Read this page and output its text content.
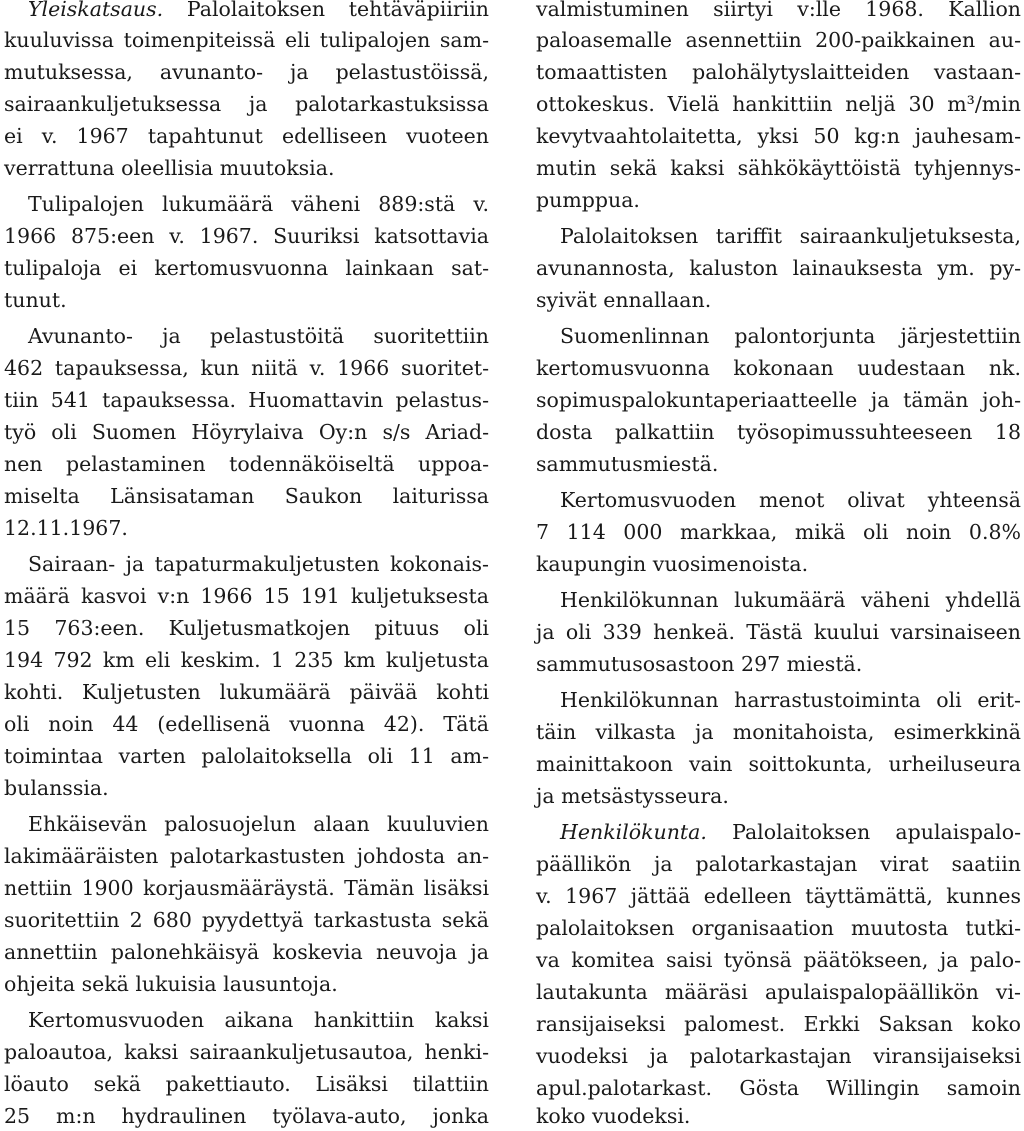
Yleiskatsaus. Palolaitoksen tehtäväpiiriin
kuuluvissa toimenpiteissä eli tulipalojen sam-
mutuksessa, avunanto- ja pelastustöissä,
sairaankuljetuksessa ja palotarkastuksissa
ei v. 1967 tapahtunut edelliseen vuoteen
verrattuna oleellisia muutoksia.
Tulipalojen lukumäärä väheni 889:stä v.
1966 875:een v. 1967. Suuriksi katsottavia
tulipaloja ei kertomusvuonna lainkaan sat-
tunut.
Avunanto- ja pelastustöitä suoritettiin
462 tapauksessa, kun niitä v. 1966 suoritet-
tiin 541 tapauksessa. Huomattavin pelastus-
työ oli Suomen Höyrylaiva Oy:n s/s Ariad-
nen pelastaminen todennäköiseltä uppoa-
miselta Länsisataman Saukon laiturissa
12.11.1967.
Sairaan- ja tapaturmakuljetusten kokonais-
määrä kasvoi v:n 1966 15 191 kuljetuksesta
15 763:een. Kuljetusmatkojen pituus oli
194 792 km eli keskim. 1 235 km kuljetusta
kohti. Kuljetusten lukumäärä päivää kohti
oli noin 44 (edellisenä vuonna 42). Tätä
toimintaa varten palolaitoksella oli 11 am-
bulanssia.
Ehkäisevän palosuojelun alaan kuuluvien
lakimääräisten palotarkastusten johdosta an-
nettiin 1900 korjausmääräystä. Tämän lisäksi
suoritettiin 2 680 pyydettyä tarkastusta sekä
annettiin palonehkäisyä koskevia neuvoja ja
ohjeita sekä lukuisia lausuntoja.
Kertomusvuoden aikana hankittiin kaksi
paloautoa, kaksi sairaankuljetusautoa, henki-
löauto sekä pakettiauto. Lisäksi tilattiin
25 m:n hydraulinen työlava-auto, jonka
valmistuminen siirtyi v:lle 1968. Kallion
paloasemalle asennettiin 200-paikkainen au-
tomaattisten palohälytyslaitteiden vastaan-
ottokeskus. Vielä hankittiin neljä 30 m³/min
kevytvaahtolaitetta, yksi 50 kg:n jauhesam-
mutin sekä kaksi sähkökäyttöistä tyhjennys-
pumppua.
Palolaitoksen tariffit sairaankuljetuksesta,
avunannosta, kaluston lainauksesta ym. py-
syivät ennallaan.
Suomenlinnan palontorjunta järjestettiin
kertomusvuonna kokonaan uudestaan nk.
sopimuspalokuntaperiaatteelle ja tämän joh-
dosta palkattiin työsopimussuhteeseen 18
sammutusmiestä.
Kertomusvuoden menot olivat yhteensä
7 114 000 markkaa, mikä oli noin 0.8%
kaupungin vuosimenoista.
Henkilökunnan lukumäärä väheni yhdellä
ja oli 339 henkeä. Tästä kuului varsinaiseen
sammutusosastoon 297 miestä.
Henkilökunnan harrastustoiminta oli erit-
täin vilkasta ja monitahoista, esimerkkinä
mainittakoon vain soittokunta, urheiluseura
ja metsästysseura.
Henkilökunta. Palolaitoksen apulaispalo-
päällikön ja palotarkastajan virat saatiin
v. 1967 jättää edelleen täyttämättä, kunnes
palolaitoksen organisaation muutosta tutki-
va komitea saisi työnsä päätökseen, ja palo-
lautakunta määräsi apulaispalopäällikön vi-
ransijaiseksi palomest. Erkki Saksan koko
vuodeksi ja palotarkastajan viransijaiseksi
apul.palotarkast. Gösta Willingin samoin
koko vuodeksi.
